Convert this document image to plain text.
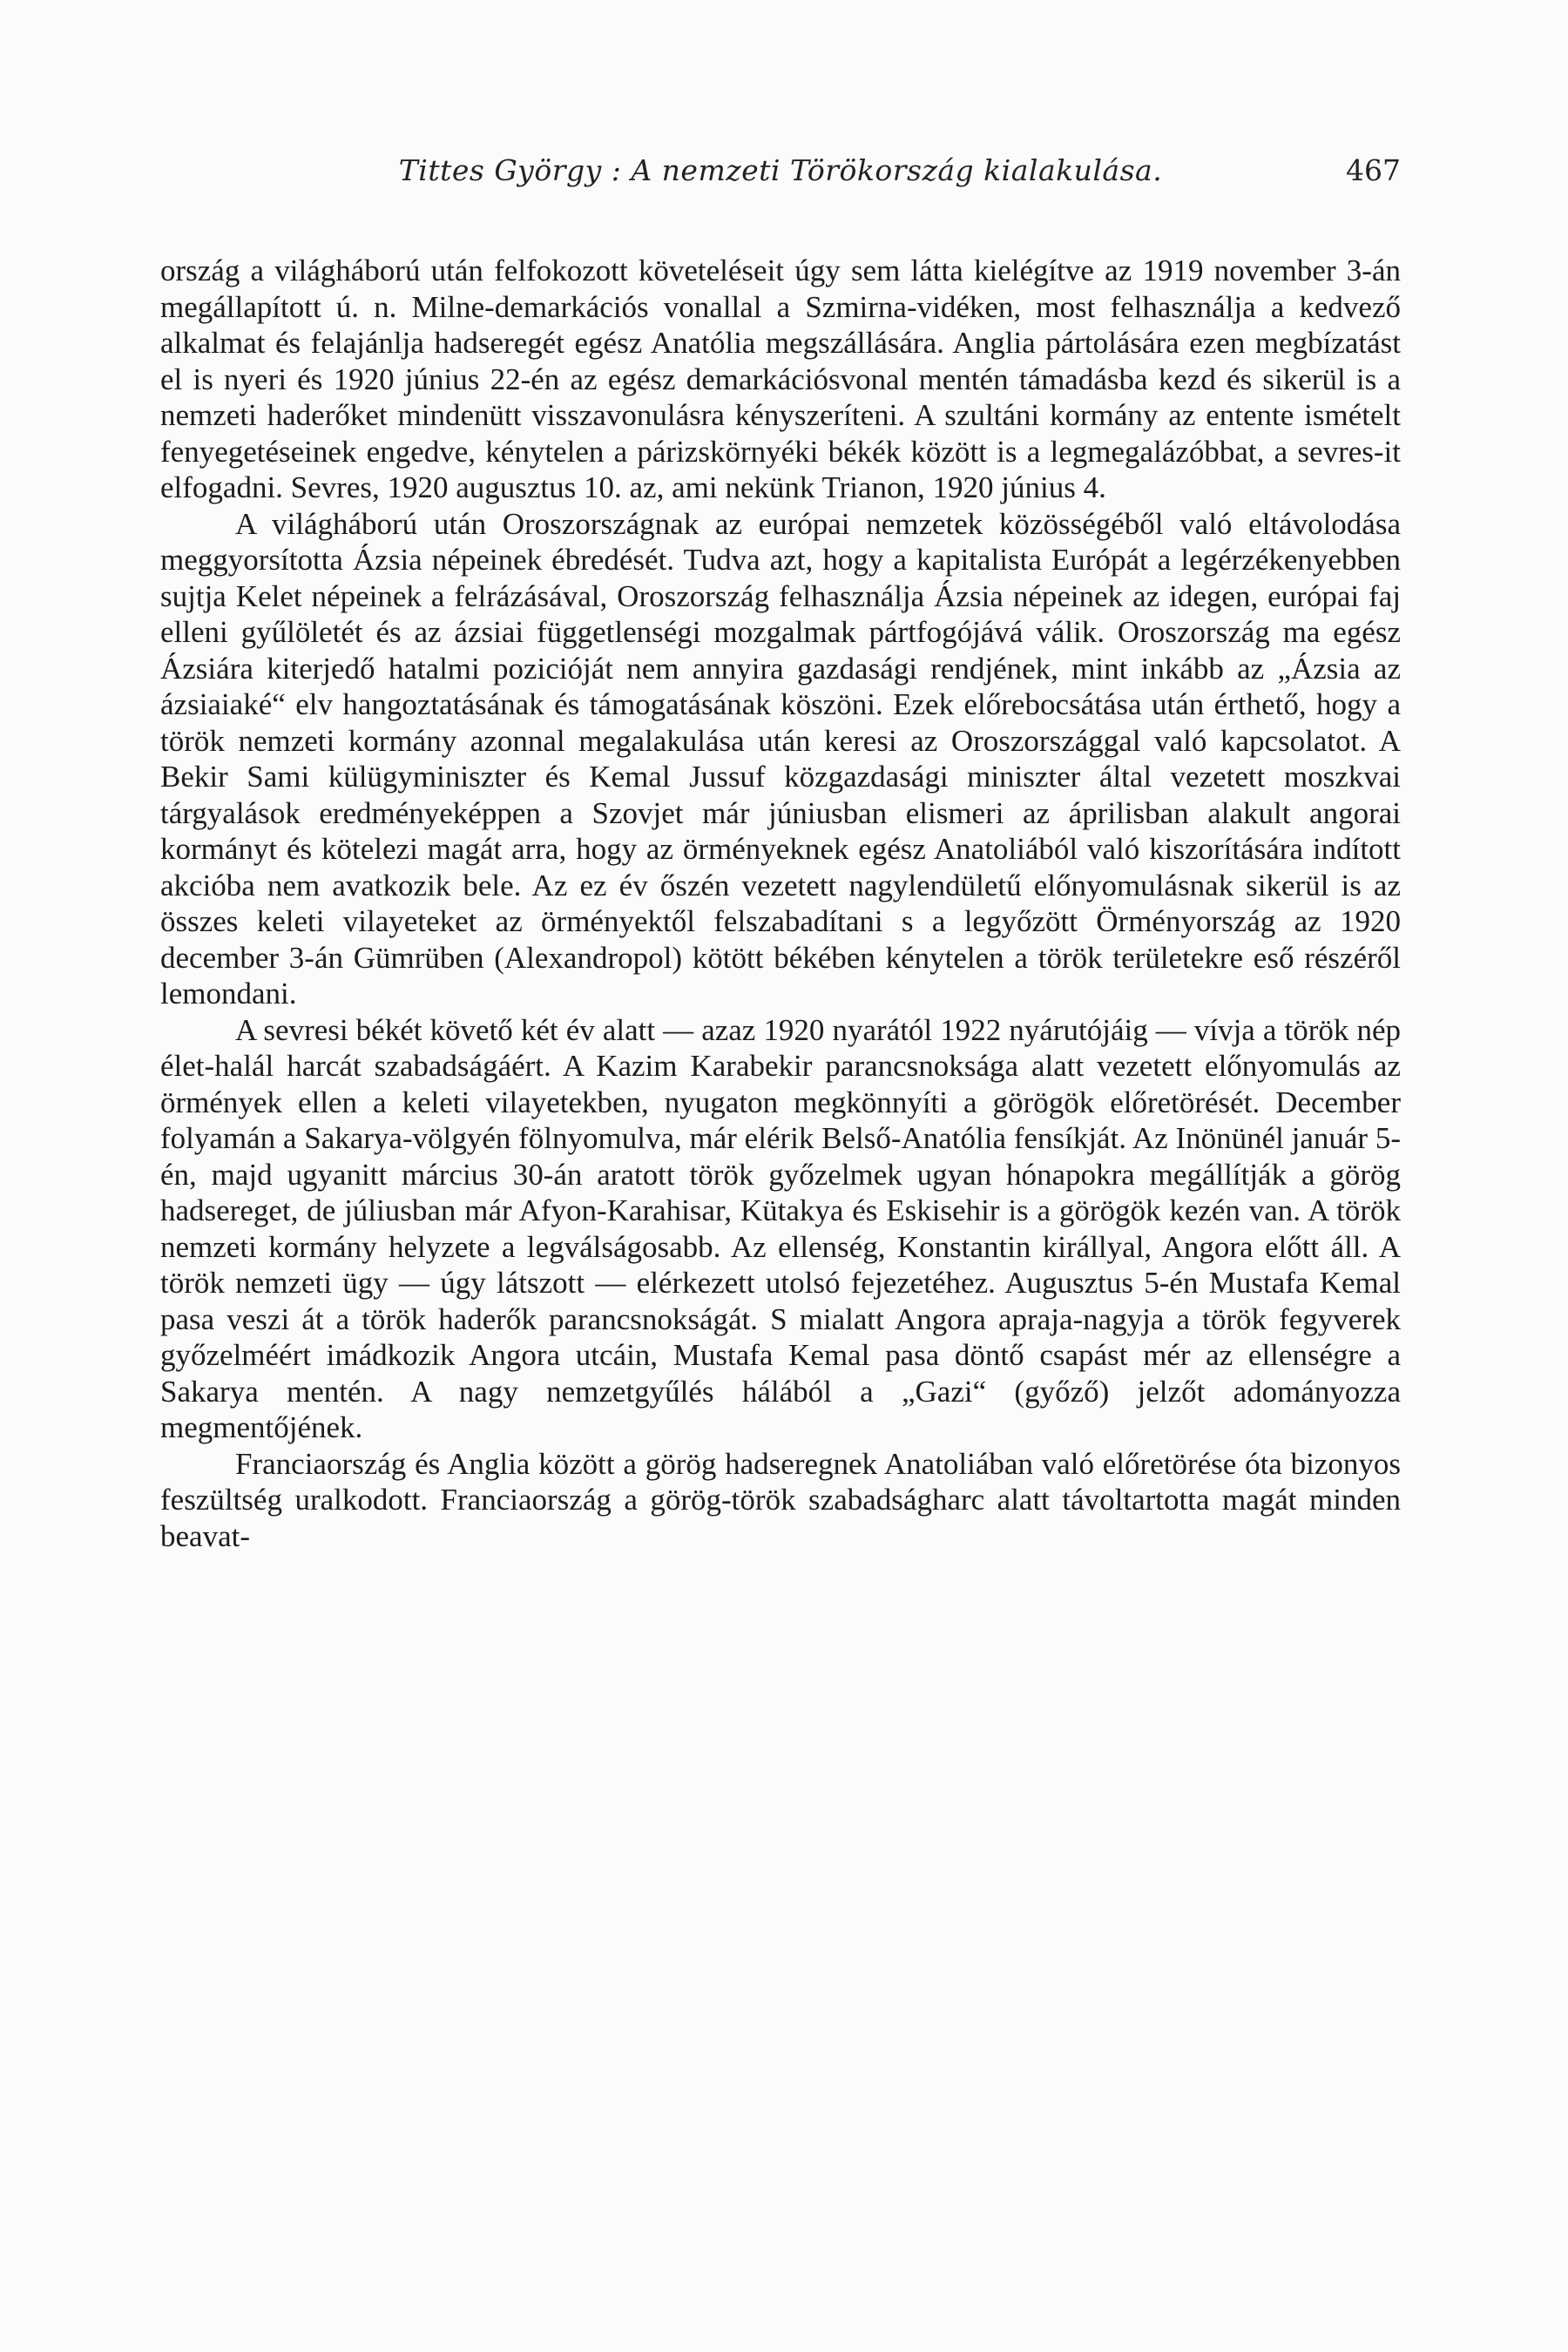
Tittes György : A nemzeti Törökország kialakulása.	467

ország a világháború után felfokozott követeléseit úgy sem látta kielégítve az 1919 november 3-án megállapított ú. n. Milne-demarkációs vonallal a Szmirna-vidéken, most felhasználja a kedvező alkalmat és felajánlja hadseregét egész Anatólia megszállására. Anglia pártolására ezen megbízatást el is nyeri és 1920 június 22-én az egész demarkációsvonal mentén támadásba kezd és sikerül is a nemzeti haderőket mindenütt visszavonulásra kényszeríteni. A szultáni kormány az entente ismételt fenyegetéseinek engedve, kénytelen a párizskörnyéki békék között is a legmegalázóbbat, a sevres-it elfogadni. Sevres, 1920 augusztus 10. az, ami nekünk Trianon, 1920 június 4.

A világháború után Oroszországnak az európai nemzetek közösségéből való eltávolodása meggyorsította Ázsia népeinek ébredését. Tudva azt, hogy a kapitalista Európát a legérzékenyebben sujtja Kelet népeinek a felrázásával, Oroszország felhasználja Ázsia népeinek az idegen, európai faj elleni gyűlöletét és az ázsiai függetlenségi mozgalmak pártfogójává válik. Oroszország ma egész Ázsiára kiterjedő hatalmi pozicióját nem annyira gazdasági rendjének, mint inkább az „Ázsia az ázsiaiaké“ elv hangoztatásának és támogatásának köszöni. Ezek előrebocsátása után érthető, hogy a török nemzeti kormány azonnal megalakulása után keresi az Oroszországgal való kapcsolatot. A Bekir Sami külügyminiszter és Kemal Jussuf közgazdasági miniszter által vezetett moszkvai tárgyalások eredményeképpen a Szovjet már júniusban elismeri az áprilisban alakult angorai kormányt és kötelezi magát arra, hogy az örményeknek egész Anatoliából való kiszorítására indított akcióba nem avatkozik bele. Az ez év őszén vezetett nagylendületű előnyomulásnak sikerül is az összes keleti vilayeteket az örményektől felszabadítani s a legyőzött Örményország az 1920 december 3-án Gümrüben (Alexandropol) kötött békében kénytelen a török területekre eső részéről lemondani.

A sevresi békét követő két év alatt — azaz 1920 nyarától 1922 nyárutójáig — vívja a török nép élet-halál harcát szabadságáért. A Kazim Karabekir parancsnoksága alatt vezetett előnyomulás az örmények ellen a keleti vilayetekben, nyugaton megkönnyíti a görögök előretörését. December folyamán a Sakarya-völgyén fölnyomulva, már elérik Belső-Anatólia fensíkját. Az Inönünél január 5-én, majd ugyanitt március 30-án aratott török győzelmek ugyan hónapokra megállítják a görög hadsereget, de júliusban már Afyon-Karahisar, Kütakya és Eskisehir is a görögök kezén van. A török nemzeti kormány helyzete a legválságosabb. Az ellenség, Konstantin királlyal, Angora előtt áll. A török nemzeti ügy — úgy látszott — elérkezett utolsó fejezetéhez. Augusztus 5-én Mustafa Kemal pasa veszi át a török haderők parancsnokságát. S mialatt Angora apraja-nagyja a török fegyverek győzelméért imádkozik Angora utcáin, Mustafa Kemal pasa döntő csapást mér az ellenségre a Sakarya mentén. A nagy nemzetgyűlés hálából a „Gazi“ (győző) jelzőt adományozza megmentőjének.

Franciaország és Anglia között a görög hadseregnek Anatoliában való előretörése óta bizonyos feszültség uralkodott. Franciaország a görög-török szabadságharc alatt távoltartotta magát minden beavat-
